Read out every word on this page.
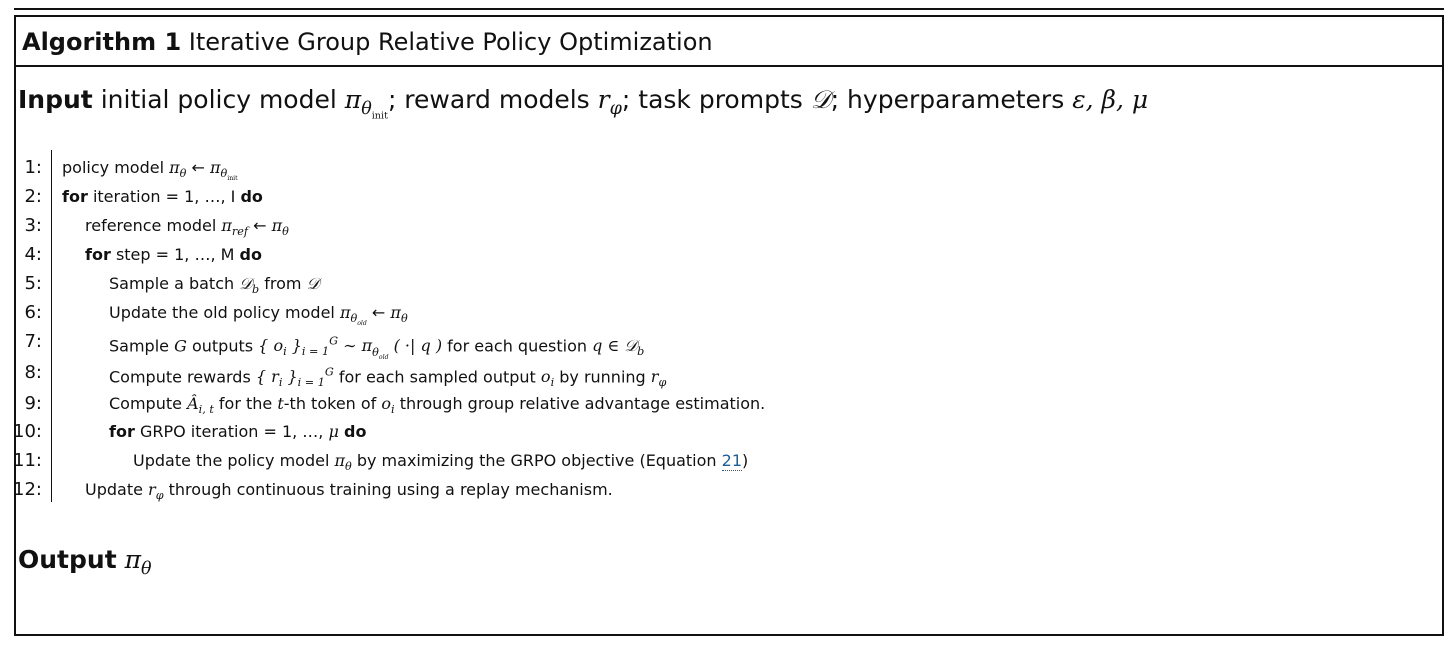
Algorithm 1 Iterative Group Relative Policy Optimization
Input initial policy model $\pi_{\theta_{init}}$; reward models $r_\varphi$; task prompts 𝒟; hyperparameters ε, β, μ
1: policy model $\pi_\theta$ ← $\pi_{\theta_{init}}$
2: for iteration = 1, …, I do
3:	reference model $\pi_{ref}$ ← $\pi_\theta$
4:	for step = 1, …, M do
5:	Sample a batch 𝒟$_b$ from 𝒟
6:	Update the old policy model $\pi_{\theta_{old}}$ ← $\pi_\theta$
7:	Sample G outputs { $o_i$ }$_{i = 1}^G$ ∼ $\pi_{\theta_{old}}$ ( ·| q ) for each question q ∈ 𝒟$_b$
8:	Compute rewards { $r_i$ }$_{i = 1}^G$ for each sampled output $o_i$ by running $r_\varphi$
9:	Compute $Â_{i, t}$ for the t-th token of $o_i$ through group relative advantage estimation.
10:	for GRPO iteration = 1, …, μ do
11:	Update the policy model $\pi_\theta$ by maximizing the GRPO objective (Equation 21)
12:	Update $r_\varphi$ through continuous training using a replay mechanism.
Output $\pi_\theta$
